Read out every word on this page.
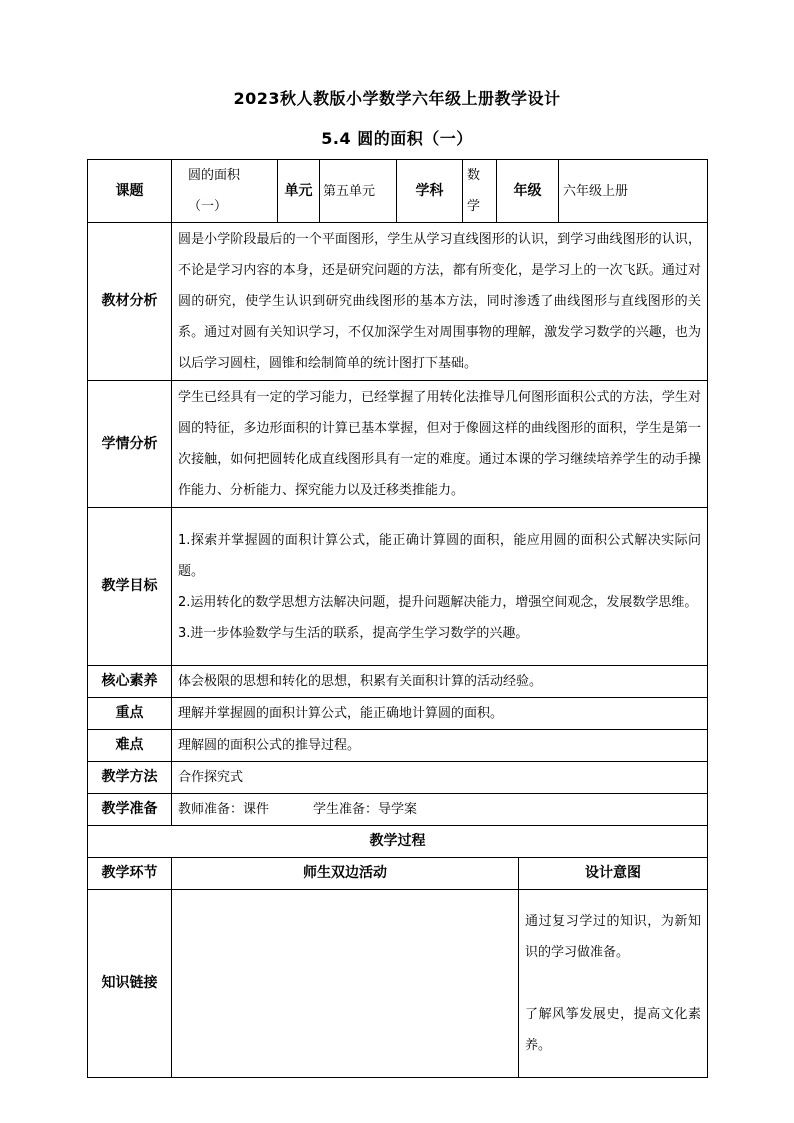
2023秋人教版小学数学六年级上册教学设计
5.4 圆的面积（一）
课题	圆的面积（一）	单元	第五单元	学科	数学	年级		六年级上册
教材分析	圆是小学阶段最后的一个平面图形，学生从学习直线图形的认识，到学习曲线图形的认识，不论是学习内容的本身，还是研究问题的方法，都有所变化，是学习上的一次飞跃。通过对圆的研究，使学生认识到研究曲线图形的基本方法，同时渗透了曲线图形与直线图形的关系。通过对圆有关知识学习，不仅加深学生对周围事物的理解，激发学习数学的兴趣，也为以后学习圆柱，圆锥和绘制简单的统计图打下基础。							
学情分析	学生已经具有一定的学习能力，已经掌握了用转化法推导几何图形面积公式的方法，学生对圆的特征，多边形面积的计算已基本掌握，但对于像圆这样的曲线图形的面积，学生是第一次接触，如何把圆转化成直线图形具有一定的难度。通过本课的学习继续培养学生的动手操作能力、分析能力、探究能力以及迁移类推能力。							
教学目标	1.探索并掌握圆的面积计算公式，能正确计算圆的面积，能应用圆的面积公式解决实际问题。
2.运用转化的数学思想方法解决问题，提升问题解决能力，增强空间观念，发展数学思维。
3.进一步体验数学与生活的联系，提高学生学习数学的兴趣。							

核心素养	体会极限的思想和转化的思想，积累有关面积计算的活动经验。							
重点	理解并掌握圆的面积计算公式，能正确地计算圆的面积。							
难点	理解圆的面积公式的推导过程。							
教学方法	合作探究式							
教学准备	教师准备：课件 学生准备：导学案							
教学过程								
教学环节	师生双边活动						设计意图	
知识链接							通过复习学过的知识，为新知识的学习做准备。
了解风筝发展史，提高文化素养。	
